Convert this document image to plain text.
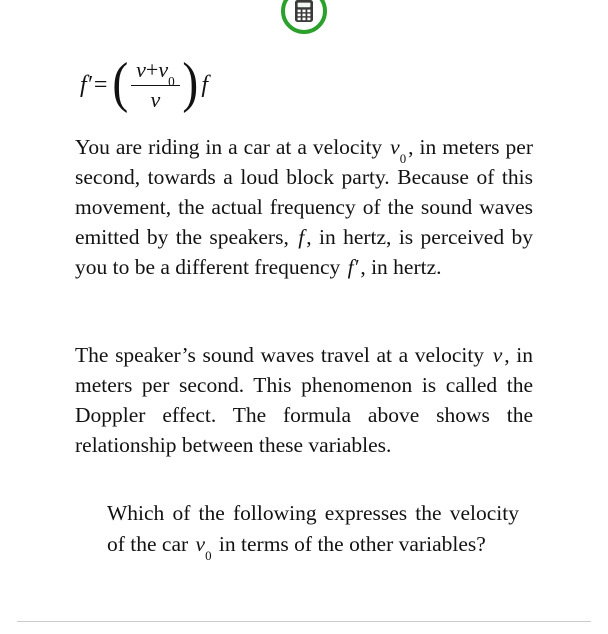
f ′ = ( $\frac{v+v_0}{v}$ ) f

You are riding in a car at a velocity $v_0$, in meters per second, towards a loud block party. Because of this movement, the actual frequency of the sound waves emitted by the speakers, f, in hertz, is perceived by you to be a different frequency f′, in hertz.

The speaker’s sound waves travel at a velocity v, in meters per second. This phenomenon is called the Doppler effect. The formula above shows the relationship between these variables.

Which of the following expresses the velocity of the car $v_0$ in terms of the other variables?
